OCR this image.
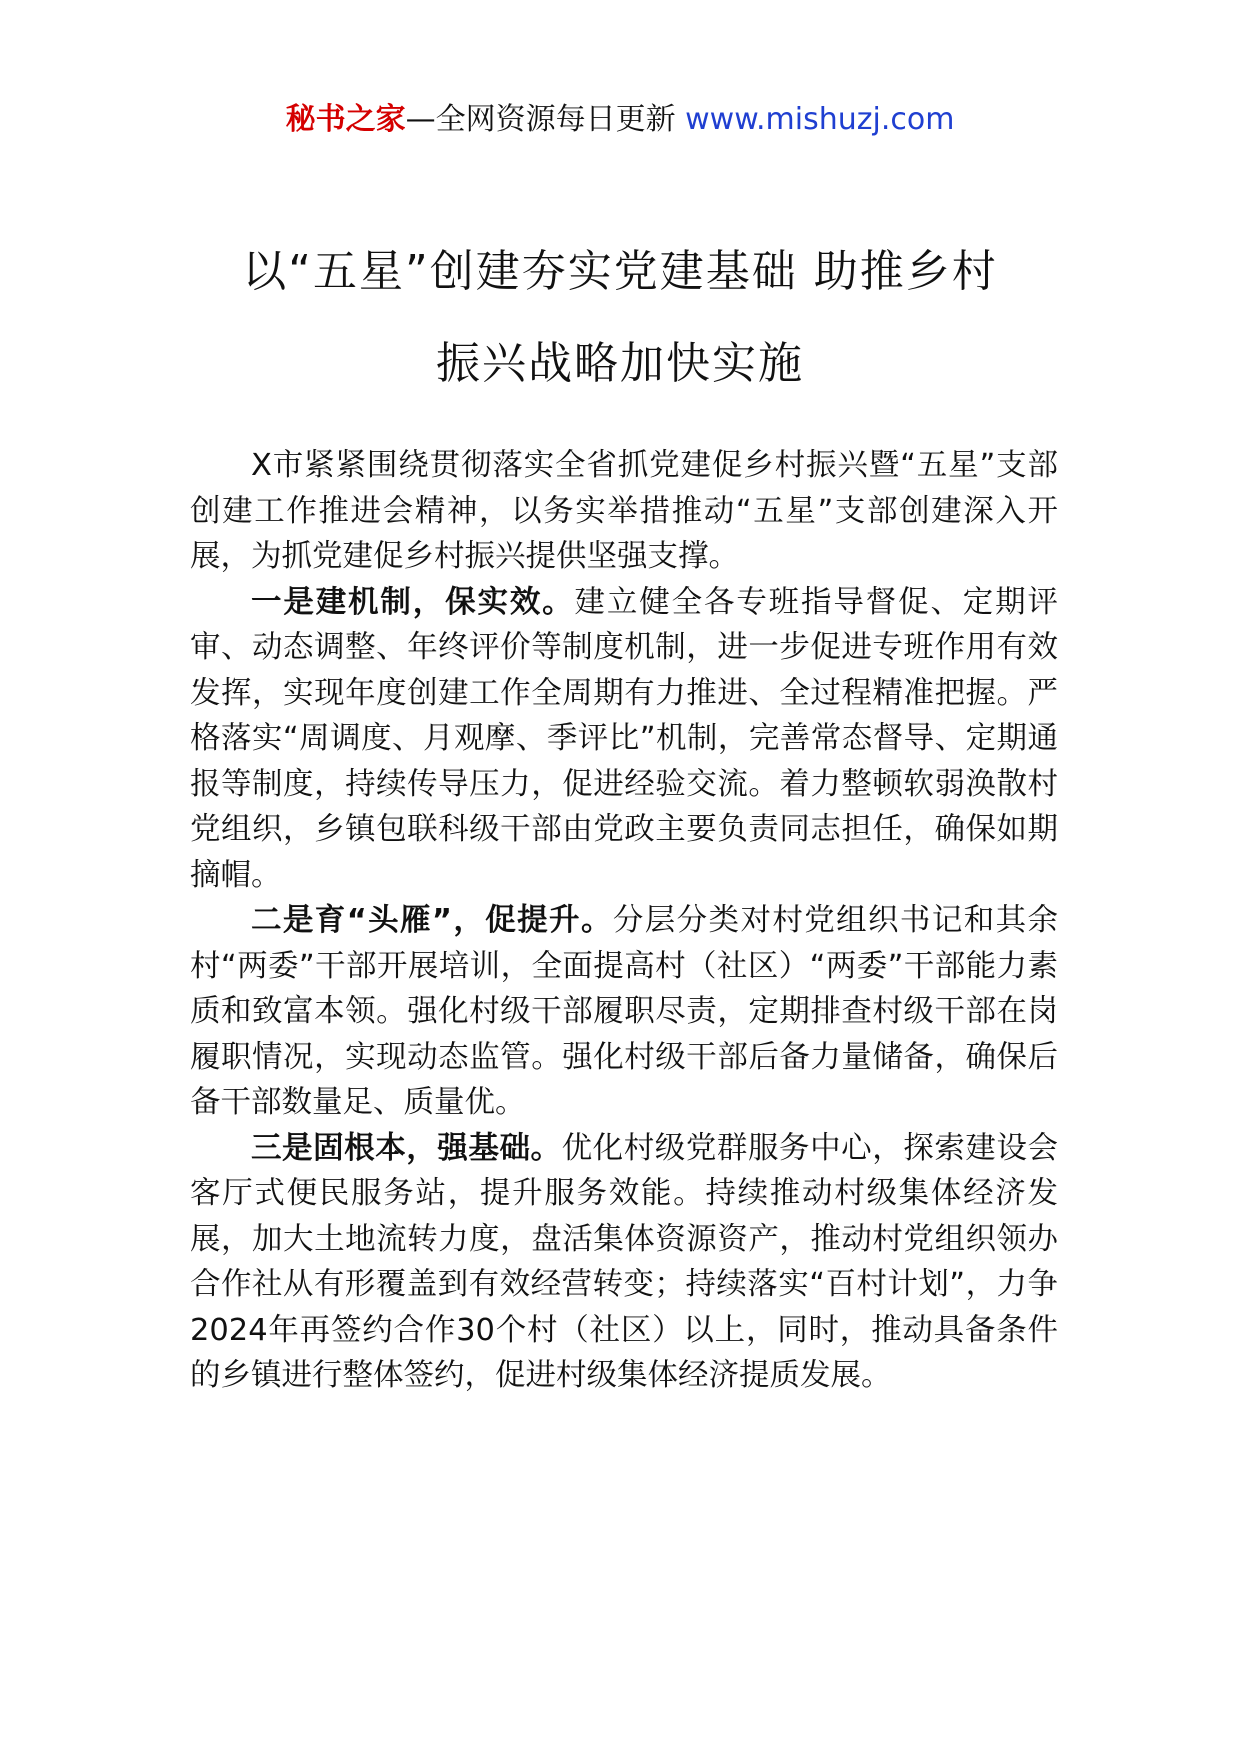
秘书之家—全网资源每日更新 www.mishuzj.com
以“五星”创建夯实党建基础 助推乡村
振兴战略加快实施

X市紧紧围绕贯彻落实全省抓党建促乡村振兴暨“五星”支部创建工作推进会精神，以务实举措推动“五星”支部创建深入开展，为抓党建促乡村振兴提供坚强支撑。

一是建机制，保实效。建立健全各专班指导督促、定期评审、动态调整、年终评价等制度机制，进一步促进专班作用有效发挥，实现年度创建工作全周期有力推进、全过程精准把握。严格落实“周调度、月观摩、季评比”机制，完善常态督导、定期通报等制度，持续传导压力，促进经验交流。着力整顿软弱涣散村党组织，乡镇包联科级干部由党政主要负责同志担任，确保如期摘帽。

二是育“头雁”，促提升。分层分类对村党组织书记和其余村“两委”干部开展培训，全面提高村（社区）“两委”干部能力素质和致富本领。强化村级干部履职尽责，定期排查村级干部在岗履职情况，实现动态监管。强化村级干部后备力量储备，确保后备干部数量足、质量优。

三是固根本，强基础。优化村级党群服务中心，探索建设会客厅式便民服务站，提升服务效能。持续推动村级集体经济发展，加大土地流转力度，盘活集体资源资产，推动村党组织领办合作社从有形覆盖到有效经营转变；持续落实“百村计划”，力争2024年再签约合作30个村（社区）以上，同时，推动具备条件的乡镇进行整体签约，促进村级集体经济提质发展。
